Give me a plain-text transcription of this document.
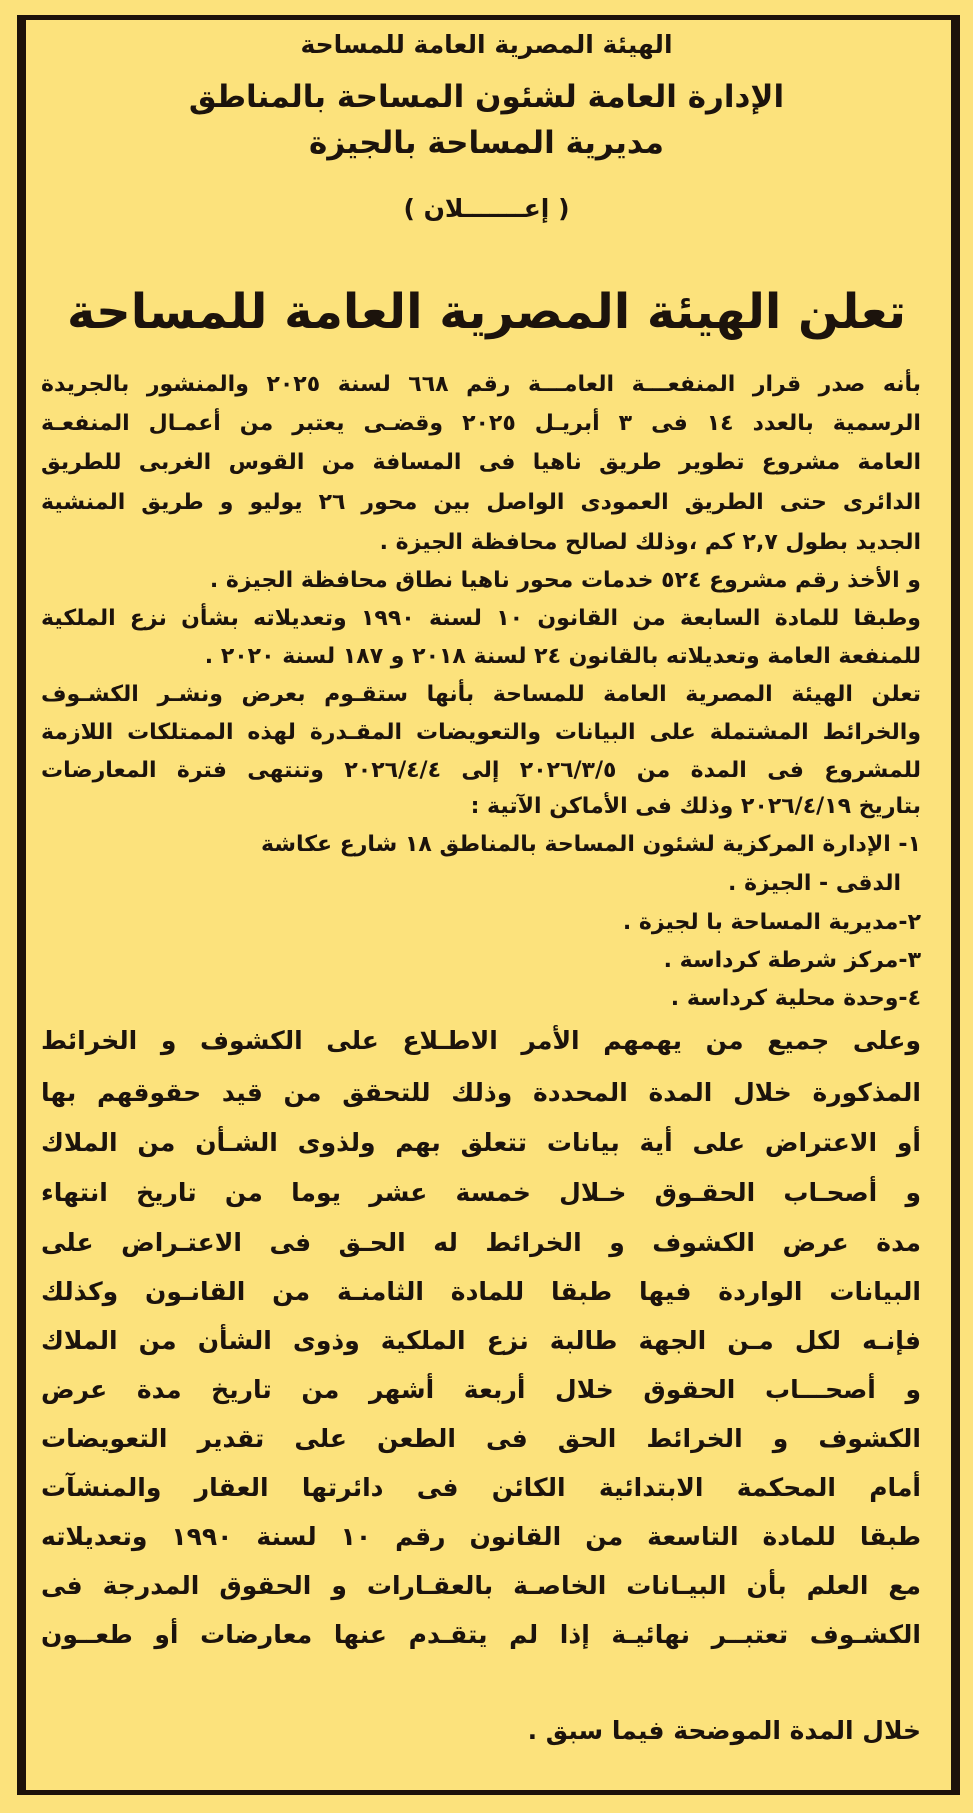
الهيئة المصرية العامة للمساحة
الإدارة العامة لشئون المساحة بالمناطق
مديرية المساحة بالجيزة
( إعـــــــلان )
تعلن الهيئة المصرية العامة للمساحة
بأنه صدر قرار المنفعـــة العامـــة رقم ٦٦٨ لسنة ٢٠٢٥ والمنشور بالجريدة
الرسمية بالعدد ١٤ فى ٣ أبريـل ٢٠٢٥ وقضـى يعتبر من أعمـال المنفعـة
العامة مشروع تطوير طريق ناهيا فى المسافة من القوس الغربى للطريق
الدائرى حتى الطريق العمودى الواصل بين محور ٢٦ يوليو و طريق المنشية
الجديد بطول ٢,٧ كم ،وذلك لصالح محافظة الجيزة .
و الأخذ رقم مشروع ٥٢٤ خدمات محور ناهيا نطاق محافظة الجيزة .
وطبقا للمادة السابعة من القانون ١٠ لسنة ١٩٩٠ وتعديلاته بشأن نزع الملكية
للمنفعة العامة وتعديلاته بالقانون ٢٤ لسنة ٢٠١٨ و ١٨٧ لسنة ٢٠٢٠ .
تعلن الهيئة المصرية العامة للمساحة بأنها ستقـوم بعرض ونشـر الكشـوف
والخرائط المشتملة على البيانات والتعويضات المقـدرة لهذه الممتلكات اللازمة
للمشروع فى المدة من ٢٠٢٦/٣/٥ إلى ٢٠٢٦/٤/٤ وتنتهى فترة المعارضات
بتاريخ ٢٠٢٦/٤/١٩ وذلك فى الأماكن الآتية :
١- الإدارة المركزية لشئون المساحة بالمناطق ١٨ شارع عكاشة
الدقى - الجيزة .
٢-مديرية المساحة با لجيزة .
٣-مركز شرطة كرداسة .
٤-وحدة محلية كرداسة .
وعلى جميع من يهمهم الأمر الاطـلاع على الكشوف و الخرائط
المذكورة خلال المدة المحددة وذلك للتحقق من قيد حقوقهم بها
أو الاعتراض على أية بيانات تتعلق بهم ولذوى الشـأن من الملاك
و أصحـاب الحقـوق خـلال خمسة عشر يوما من تاريخ انتهاء
مدة عرض الكشوف و الخرائط له الحـق فى الاعتـراض على
البيانات الواردة فيها طبقا للمادة الثامنـة من القانـون وكذلك
فإنـه لكل مـن الجهة طالبة نزع الملكية وذوى الشأن من الملاك
و أصحـــاب الحقوق خلال أربعة أشهر من تاريخ مدة عرض
الكشوف و الخرائط الحق فى الطعن على تقدير التعويضات
أمام المحكمة الابتدائية الكائن فى دائرتها العقار والمنشآت
طبقا للمادة التاسعة من القانون رقم ١٠ لسنة ١٩٩٠ وتعديلاته
مع العلم بأن البيـانات الخاصـة بالعقـارات و الحقوق المدرجة فى
الكشـوف تعتبــر نهائيـة إذا لم يتقـدم عنها معارضات أو طعــون
خلال المدة الموضحة فيما سبق .
